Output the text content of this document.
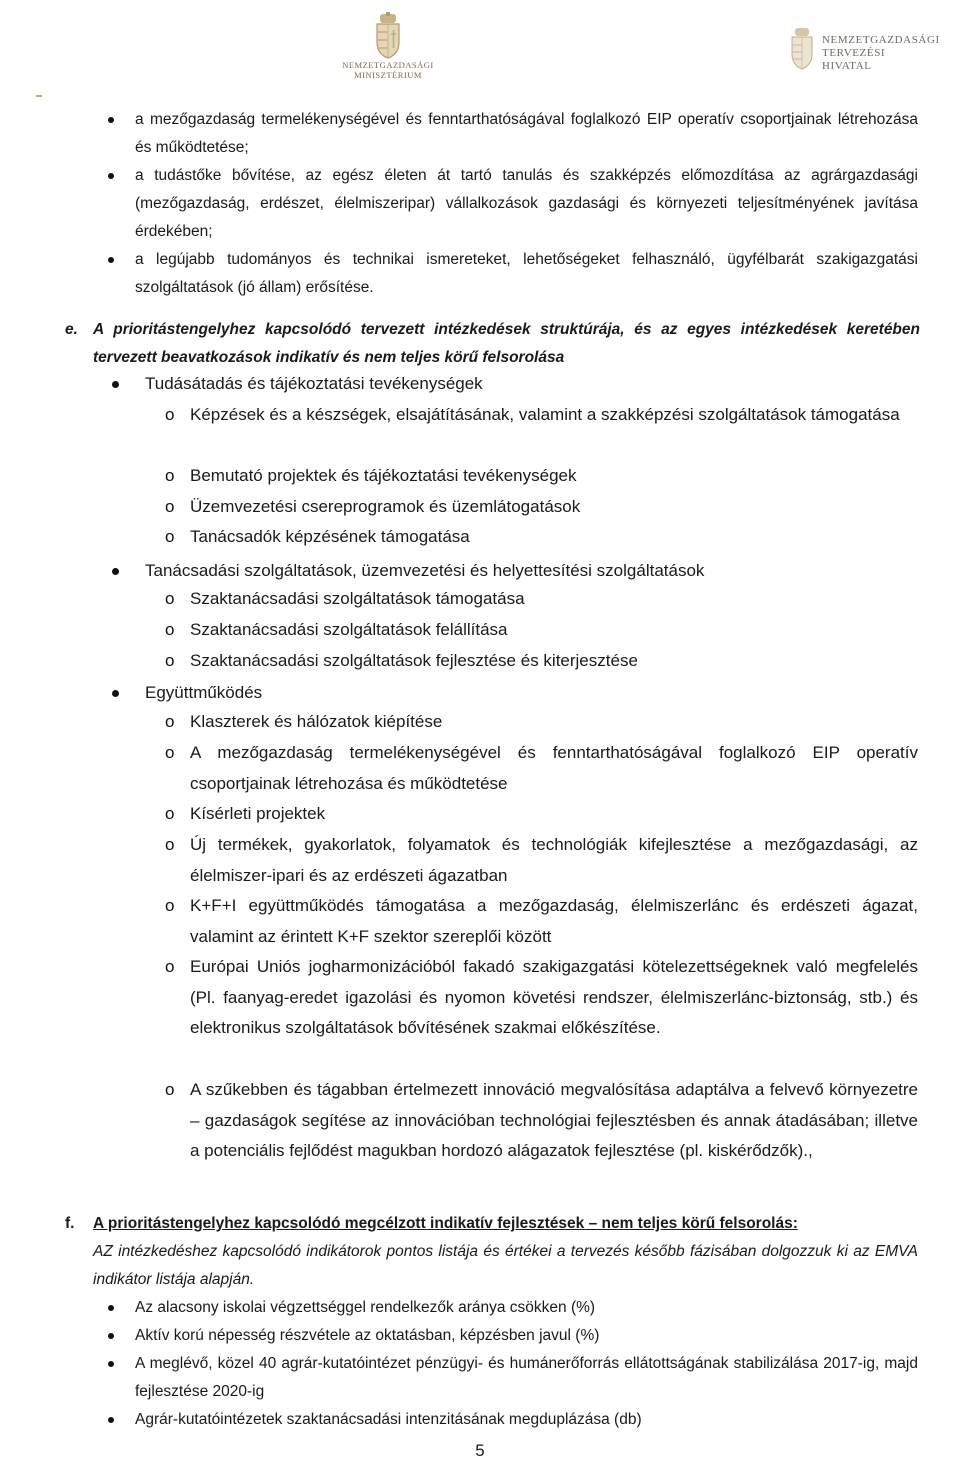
NEMZETGAZDASÁGI
MINISZTÉRIUM
NEMZETGAZDASÁGI
TERVEZÉSI
HIVATAL
a mezőgazdaság termelékenységével és fenntarthatóságával foglalkozó EIP operatív csoportjainak létrehozása és működtetése;
a tudástőke bővítése, az egész életen át tartó tanulás és szakképzés előmozdítása az agrárgazdasági (mezőgazdaság, erdészet, élelmiszeripar) vállalkozások gazdasági és környezeti teljesítményének javítása érdekében;
a legújabb tudományos és technikai ismereteket, lehetőségeket felhasználó, ügyfélbarát szakigazgatási szolgáltatások (jó állam) erősítése.
e. A prioritástengelyhez kapcsolódó tervezett intézkedések struktúrája, és az egyes intézkedések keretében tervezett beavatkozások indikatív és nem teljes körű felsorolása
Tudásátadás és tájékoztatási tevékenységek
o Képzések és a készségek, elsajátításának, valamint a szakképzési szolgáltatások támogatása
o Bemutató projektek és tájékoztatási tevékenységek
o Üzemvezetési csereprogramok és üzemlátogatások
o Tanácsadók képzésének támogatása
Tanácsadási szolgáltatások, üzemvezetési és helyettesítési szolgáltatások
o Szaktanácsadási szolgáltatások támogatása
o Szaktanácsadási szolgáltatások felállítása
o Szaktanácsadási szolgáltatások fejlesztése és kiterjesztése
Együttműködés
o Klaszterek és hálózatok kiépítése
o A mezőgazdaság termelékenységével és fenntarthatóságával foglalkozó EIP operatív csoportjainak létrehozása és működtetése
o Kísérleti projektek
o Új termékek, gyakorlatok, folyamatok és technológiák kifejlesztése a mezőgazdasági, az élelmiszer-ipari és az erdészeti ágazatban
o K+F+I együttműködés támogatása a mezőgazdaság, élelmiszerlánc és erdészeti ágazat, valamint az érintett K+F szektor szereplői között
o Európai Uniós jogharmonizációból fakadó szakigazgatási kötelezettségeknek való megfelelés (Pl. faanyag-eredet igazolási és nyomon követési rendszer, élelmiszerlánc-biztonság, stb.) és elektronikus szolgáltatások bővítésének szakmai előkészítése.
o A szűkebben és tágabban értelmezett innováció megvalósítása adaptálva a felvevő környezetre – gazdaságok segítése az innovációban technológiai fejlesztésben és annak átadásában; illetve a potenciális fejlődést magukban hordozó alágazatok fejlesztése (pl. kiskérődzők).,
f. A prioritástengelyhez kapcsolódó megcélzott indikatív fejlesztések – nem teljes körű felsorolás:
AZ intézkedéshez kapcsolódó indikátorok pontos listája és értékei a tervezés később fázisában dolgozzuk ki az EMVA indikátor listája alapján.
Az alacsony iskolai végzettséggel rendelkezők aránya csökken (%)
Aktív korú népesség részvétele az oktatásban, képzésben javul (%)
A meglévő, közel 40 agrár-kutatóintézet pénzügyi- és humánerőforrás ellátottságának stabilizálása 2017-ig, majd fejlesztése 2020-ig
Agrár-kutatóintézetek szaktanácsadási intenzitásának megduplázása (db)
5
